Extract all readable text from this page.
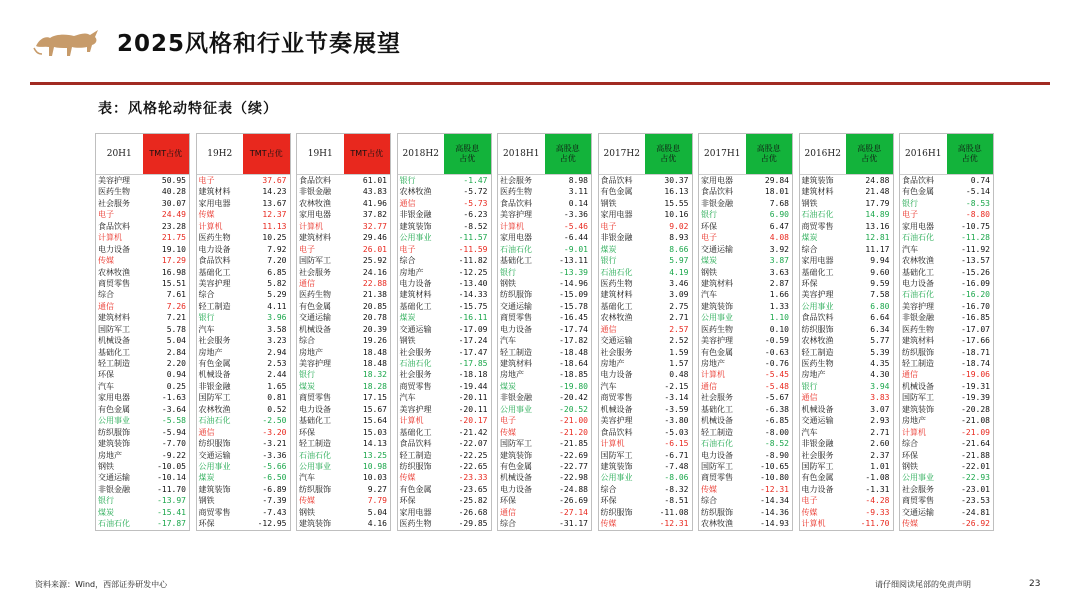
2025风格和行业节奏展望
表：风格轮动特征表（续）
20H1	TMT占优
美容护理	50.95
医药生物	40.28
社会服务	30.07
电子	24.49
食品饮料	23.28
计算机	21.75
电力设备	19.10
传媒	17.29
农林牧渔	16.98
商贸零售	15.51
综合	7.61
通信	7.26
建筑材料	7.21
国防军工	5.78
机械设备	5.04
基础化工	2.84
轻工制造	2.20
环保	0.94
汽车	0.25
家用电器	-1.63
有色金属	-3.64
公用事业	-5.58
纺织服饰	-5.94
建筑装饰	-7.70
房地产	-9.22
钢铁	-10.05
交通运输	-10.14
非银金融	-11.70
银行	-13.97
煤炭	-15.41
石油石化	-17.87
19H2	TMT占优
电子	37.67
建筑材料	14.23
家用电器	13.67
传媒	12.37
计算机	11.13
医药生物	10.25
电力设备	7.92
食品饮料	7.20
基础化工	6.85
美容护理	5.82
综合	5.29
轻工制造	4.11
银行	3.96
汽车	3.58
社会服务	3.23
房地产	2.94
有色金属	2.53
机械设备	2.44
非银金融	1.65
国防军工	0.81
农林牧渔	0.52
石油石化	-2.50
通信	-3.20
纺织服饰	-3.21
交通运输	-3.36
公用事业	-5.66
煤炭	-6.50
建筑装饰	-6.89
钢铁	-7.39
商贸零售	-7.43
环保	-12.95
19H1	TMT占优
食品饮料	61.01
非银金融	43.83
农林牧渔	41.96
家用电器	37.82
计算机	32.77
建筑材料	29.46
电子	26.01
国防军工	25.92
社会服务	24.16
通信	22.88
医药生物	21.38
有色金属	20.85
交通运输	20.78
机械设备	20.39
综合	19.26
房地产	18.48
美容护理	18.48
银行	18.32
煤炭	18.28
商贸零售	17.15
电力设备	15.67
基础化工	15.64
环保	15.03
轻工制造	14.13
石油石化	13.25
公用事业	10.98
汽车	10.03
纺织服饰	9.27
传媒	7.79
钢铁	5.04
建筑装饰	4.16
2018H2
高股息
占优
银行	-1.47
农林牧渔	-5.72
通信	-5.73
非银金融	-6.23
建筑装饰	-8.52
公用事业	-11.57
电子	-11.59
综合	-11.82
房地产	-12.25
电力设备	-13.40
建筑材料	-14.33
基础化工	-15.75
煤炭	-16.11
交通运输	-17.09
钢铁	-17.24
社会服务	-17.47
石油石化	-17.85
社会服务	-18.18
商贸零售	-19.44
汽车	-20.11
美容护理	-20.11
计算机	-20.17
基础化工	-21.42
食品饮料	-22.07
轻工制造	-22.25
纺织服饰	-22.65
传媒	-23.33
有色金属	-23.65
环保	-25.82
家用电器	-26.68
医药生物	-29.85
2018H1
高股息
占优
社会服务	8.98
医药生物	3.11
食品饮料	0.14
美容护理	-3.36
计算机	-5.46
家用电器	-6.44
石油石化	-9.01
基础化工	-13.11
银行	-13.39
钢铁	-14.96
纺织服饰	-15.09
交通运输	-15.78
商贸零售	-16.45
电力设备	-17.74
汽车	-17.82
轻工制造	-18.48
建筑材料	-18.64
房地产	-18.85
煤炭	-19.80
非银金融	-20.42
公用事业	-20.52
电子	-21.00
传媒	-21.20
国防军工	-21.85
建筑装饰	-22.69
有色金属	-22.77
机械设备	-22.98
电力设备	-24.88
环保	-26.69
通信	-27.14
综合	-31.17
2017H2
高股息
占优
食品饮料	30.37
有色金属	16.13
钢铁	15.55
家用电器	10.16
电子	9.02
非银金融	8.93
煤炭	8.66
银行	5.97
石油石化	4.19
医药生物	3.46
建筑材料	3.09
基础化工	2.75
农林牧渔	2.71
通信	2.57
交通运输	2.52
社会服务	1.59
房地产	1.57
电力设备	0.48
汽车	-2.15
商贸零售	-3.14
机械设备	-3.59
美容护理	-3.80
食品饮料	-5.03
计算机	-6.15
国防军工	-6.71
建筑装饰	-7.48
公用事业	-8.06
综合	-8.32
环保	-8.51
纺织服饰	-11.08
传媒	-12.31
2017H1
高股息
占优
家用电器	29.84
食品饮料	18.01
非银金融	7.68
银行	6.90
环保	6.47
电子	4.08
交通运输	3.92
煤炭	3.87
钢铁	3.63
建筑材料	2.87
汽车	1.66
建筑装饰	1.33
公用事业	1.10
医药生物	0.10
美容护理	-0.59
有色金属	-0.63
房地产	-0.76
计算机	-5.45
通信	-5.48
社会服务	-5.67
基础化工	-6.38
机械设备	-6.85
轻工制造	-8.00
石油石化	-8.52
电力设备	-8.90
国防军工	-10.65
商贸零售	-10.80
传媒	-12.31
综合	-14.34
纺织服饰	-14.36
农林牧渔	-14.93
2016H2
高股息
占优
建筑装饰	24.88
建筑材料	21.48
钢铁	17.79
石油石化	14.89
商贸零售	13.16
煤炭	12.81
综合	11.17
家用电器	9.94
基础化工	9.60
环保	9.59
美容护理	7.58
公用事业	6.80
食品饮料	6.64
纺织服饰	6.34
农林牧渔	5.77
轻工制造	5.39
医药生物	4.35
房地产	4.30
银行	3.94
通信	3.83
机械设备	3.07
交通运输	2.93
汽车	2.71
非银金融	2.60
社会服务	2.37
国防军工	1.01
有色金属	-1.08
电力设备	-1.31
电子	-4.28
传媒	-9.33
计算机	-11.70
2016H1
高股息
占优
食品饮料	0.74
有色金属	-5.14
银行	-8.53
电子	-8.80
家用电器	-10.75
石油石化	-11.28
汽车	-11.92
农林牧渔	-13.57
基础化工	-15.26
电力设备	-16.09
石油石化	-16.20
美容护理	-16.70
非银金融	-16.85
医药生物	-17.07
建筑材料	-17.66
纺织服饰	-18.71
轻工制造	-18.74
通信	-19.06
机械设备	-19.31
国防军工	-19.39
建筑装饰	-20.28
房地产	-21.08
计算机	-21.09
综合	-21.64
环保	-21.88
钢铁	-22.01
公用事业	-22.93
社会服务	-23.01
商贸零售	-23.53
交通运输	-24.81
传媒	-26.92
资料来源：Wind，西部证券研发中心	请仔细阅读尾部的免责声明	23
